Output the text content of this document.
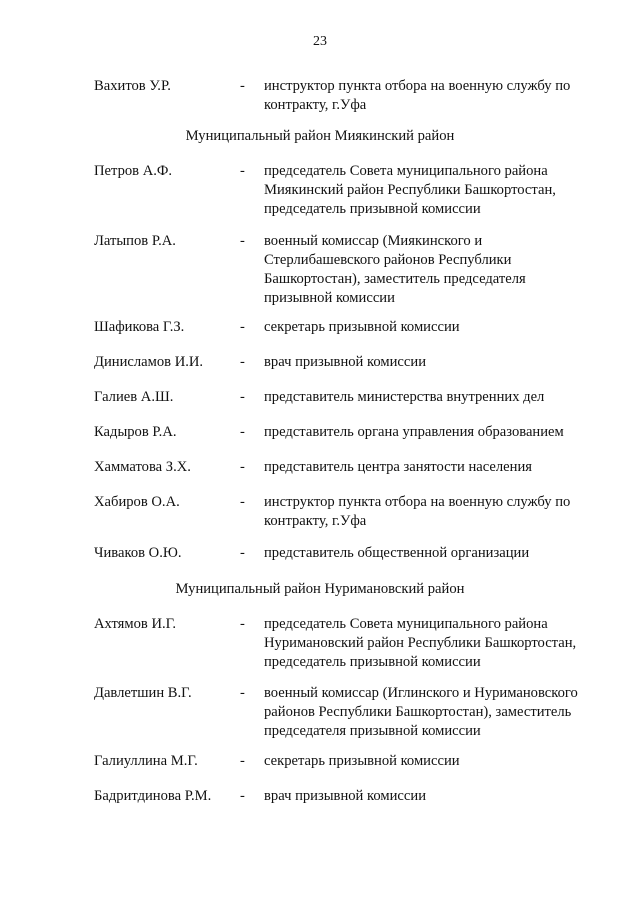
23
Вахитов У.Р.	- инструктор пункта отбора на военную службу по
контракту, г.Уфа
Муниципальный район Миякинский район
Петров А.Ф.	- председатель Совета муниципального района
Миякинский район Республики Башкортостан,
председатель призывной комиссии
Латыпов Р.А.	- военный комиссар (Миякинского и
Стерлибашевского районов Республики
Башкортостан), заместитель председателя
призывной комиссии
Шафикова Г.З.	- секретарь призывной комиссии
Динисламов И.И.	- врач призывной комиссии
Галиев А.Ш.	- представитель министерства внутренних дел
Кадыров Р.А.	- представитель органа управления образованием
Хамматова З.Х.	- представитель центра занятости населения
Хабиров О.А.	- инструктор пункта отбора на военную службу по
контракту, г.Уфа
Чиваков О.Ю.	- представитель общественной организации
Муниципальный район Нуримановский район
Ахтямов И.Г.	- председатель Совета муниципального района
Нуримановский район Республики Башкортостан,
председатель призывной комиссии
Давлетшин В.Г.	- военный комиссар (Иглинского и Нуримановского
районов Республики Башкортостан), заместитель
председателя призывной комиссии
Галиуллина М.Г.	- секретарь призывной комиссии
Бадритдинова Р.М.	- врач призывной комиссии
